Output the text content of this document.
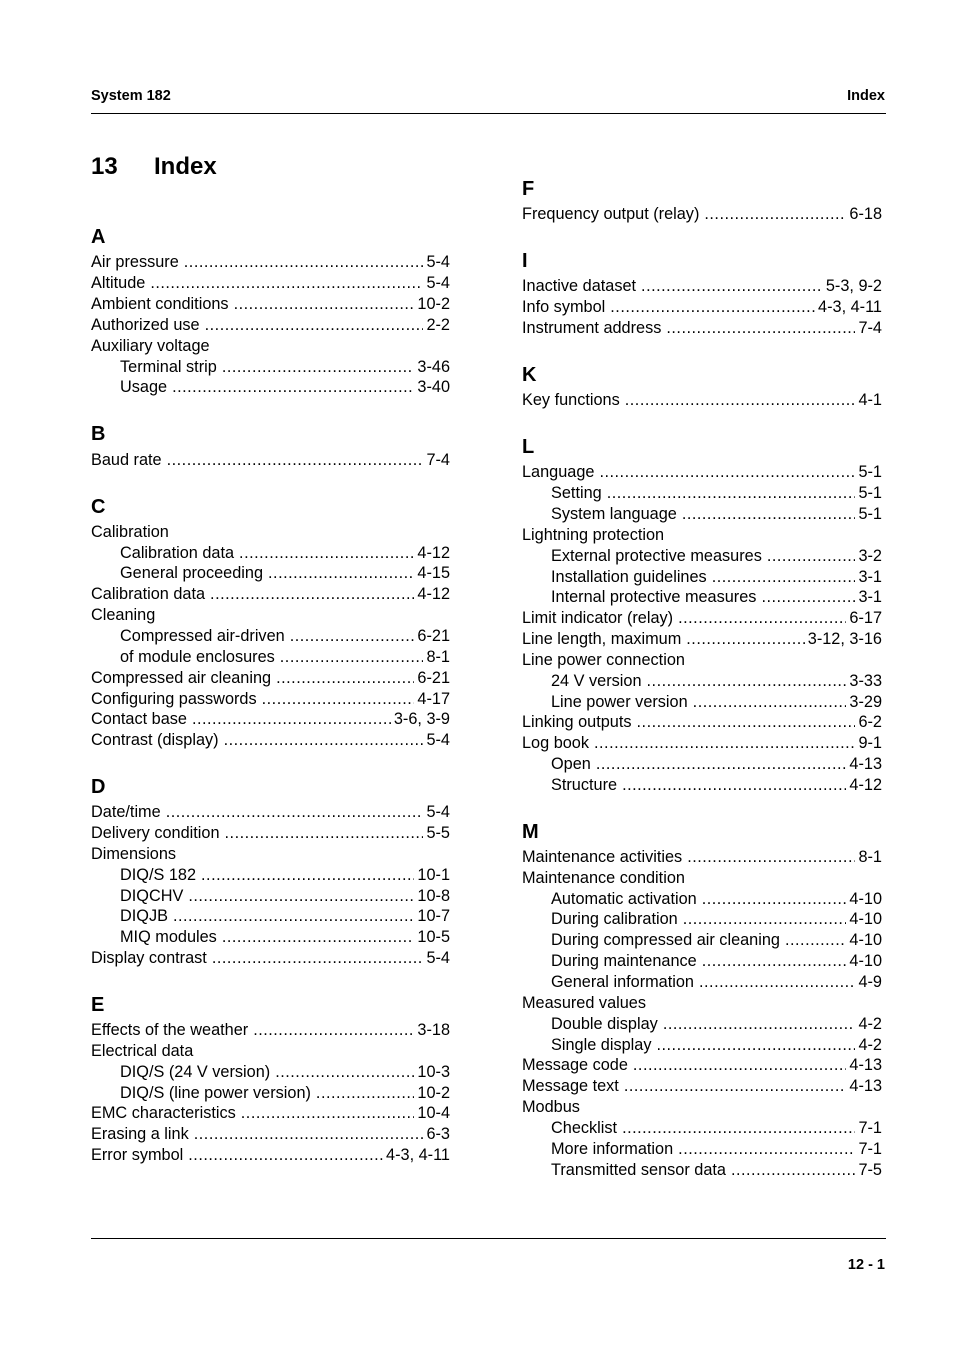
System 182	Index
13 Index
A
Air pressure .....	5-4
Altitude .....	5-4
Ambient conditions .....	10-2
Authorized use .....	2-2
Auxiliary voltage
Terminal strip .....	3-46
Usage .....	3-40
B
Baud rate .....	7-4
C
Calibration
Calibration data .....	4-12
General proceeding .....	4-15
Calibration data .....	4-12
Cleaning
Compressed air-driven .....	6-21
of module enclosures .....	8-1
Compressed air cleaning .....	6-21
Configuring passwords .....	4-17
Contact base .....	3-6, 3-9
Contrast (display) .....	5-4
D
Date/time .....	5-4
Delivery condition .....	5-5
Dimensions
DIQ/S 182 .....	10-1
DIQCHV .....	10-8
DIQJB .....	10-7
MIQ modules .....	10-5
Display contrast .....	5-4
E
Effects of the weather .....	3-18
Electrical data
DIQ/S (24 V version) .....	10-3
DIQ/S (line power version) .....	10-2
EMC characteristics .....	10-4
Erasing a link .....	6-3
Error symbol .....	4-3, 4-11
F
Frequency output (relay) .....	6-18
I
Inactive dataset .....	5-3, 9-2
Info symbol .....	4-3, 4-11
Instrument address .....	7-4
K
Key functions .....	4-1
L
Language .....	5-1
Setting .....	5-1
System language .....	5-1
Lightning protection
External protective measures .....	3-2
Installation guidelines .....	3-1
Internal protective measures .....	3-1
Limit indicator (relay) .....	6-17
Line length, maximum .....	3-12, 3-16
Line power connection
24 V version .....	3-33
Line power version .....	3-29
Linking outputs .....	6-2
Log book .....	9-1
Open .....	4-13
Structure .....	4-12
M
Maintenance activities .....	8-1
Maintenance condition
Automatic activation .....	4-10
During calibration .....	4-10
During compressed air cleaning .....	4-10
During maintenance .....	4-10
General information .....	4-9
Measured values
Double display .....	4-2
Single display .....	4-2
Message code .....	4-13
Message text .....	4-13
Modbus
Checklist .....	7-1
More information .....	7-1
Transmitted sensor data .....	7-5
12 - 1
